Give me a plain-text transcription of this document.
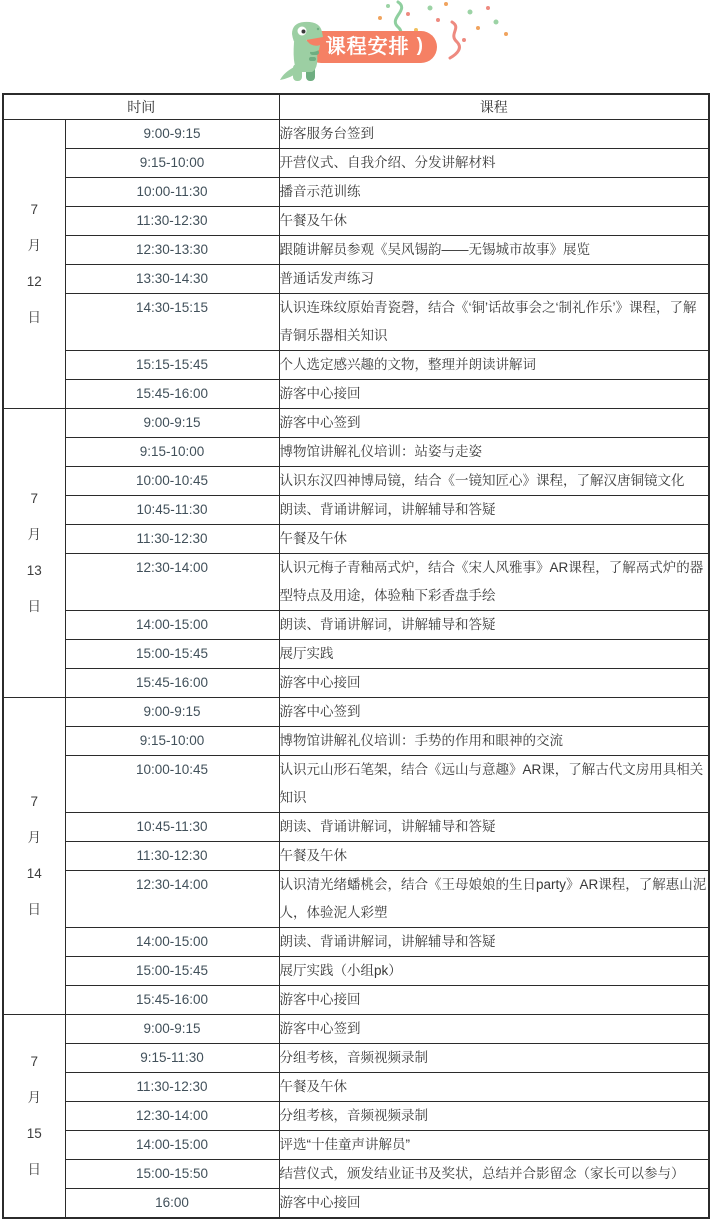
课程安排 )
时间		课程

7
月
12
日	9:00-9:15	游客服务台签到
	9:15-10:00	开营仪式、自我介绍、分发讲解材料
	10:00-11:30	播音示范训练
	11:30-12:30	午餐及午休
	12:30-13:30	跟随讲解员参观《吴风锡韵——无锡城市故事》展览
	13:30-14:30	普通话发声练习
	14:30-15:15	认识连珠纹原始青瓷磬，结合《‘铜’话故事会之‘制礼作乐’》课程，了解青铜乐器相关知识
	15:15-15:45	个人选定感兴趣的文物，整理并朗读讲解词
	15:45-16:00	游客中心接回

7
月
13
日	9:00-9:15	游客中心签到
	9:15-10:00	博物馆讲解礼仪培训：站姿与走姿
	10:00-10:45	认识东汉四神博局镜，结合《一镜知匠心》课程，了解汉唐铜镜文化
	10:45-11:30	朗读、背诵讲解词，讲解辅导和答疑
	11:30-12:30	午餐及午休
	12:30-14:00	认识元梅子青釉鬲式炉，结合《宋人风雅事》AR课程，了解鬲式炉的器型特点及用途，体验釉下彩香盘手绘
	14:00-15:00	朗读、背诵讲解词，讲解辅导和答疑
	15:00-15:45	展厅实践
	15:45-16:00	游客中心接回

7
月
14
日	9:00-9:15	游客中心签到
	9:15-10:00	博物馆讲解礼仪培训：手势的作用和眼神的交流
	10:00-10:45	认识元山形石笔架，结合《远山与意趣》AR课，了解古代文房用具相关知识
	10:45-11:30	朗读、背诵讲解词，讲解辅导和答疑
	11:30-12:30	午餐及午休
	12:30-14:00	认识清光绪蟠桃会，结合《王母娘娘的生日party》AR课程，了解惠山泥人，体验泥人彩塑
	14:00-15:00	朗读、背诵讲解词，讲解辅导和答疑
	15:00-15:45	展厅实践（小组pk）
	15:45-16:00	游客中心接回

7
月
15
日	9:00-9:15	游客中心签到
	9:15-11:30	分组考核，音频视频录制
	11:30-12:30	午餐及午休
	12:30-14:00	分组考核，音频视频录制
	14:00-15:00	评选“十佳童声讲解员”
	15:00-15:50	结营仪式，颁发结业证书及奖状，总结并合影留念（家长可以参与）
	16:00	游客中心接回
